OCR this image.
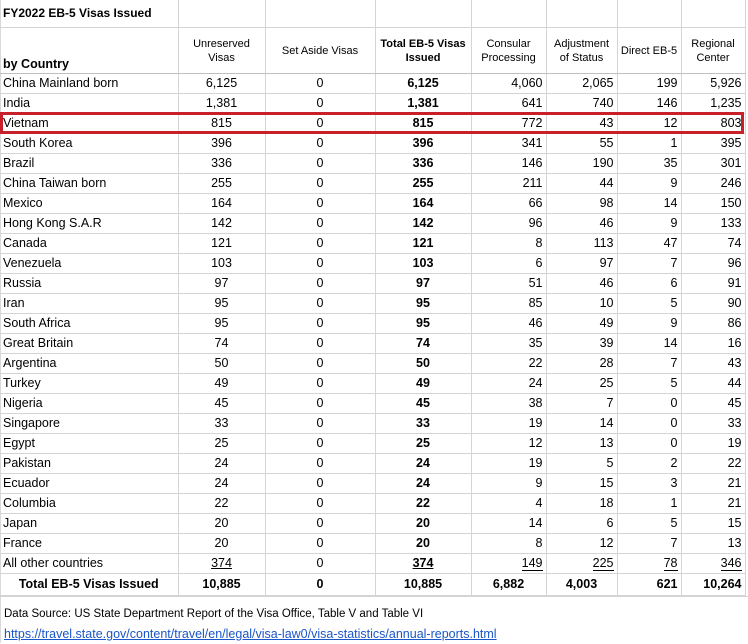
FY2022 EB-5 Visas Issued							
by Country	Unreserved Visas	Set Aside Visas	Total EB-5 Visas Issued	Consular Processing	Adjustment of Status	Direct EB-5	Regional Center
China Mainland born	6,125	0	6,125	4,060	2,065	199	5,926
India	1,381	0	1,381	641	740	146	1,235
Vietnam	815	0	815	772	43	12	803
South Korea	396	0	396	341	55	1	395
Brazil	336	0	336	146	190	35	301
China Taiwan born	255	0	255	211	44	9	246
Mexico	164	0	164	66	98	14	150
Hong Kong S.A.R	142	0	142	96	46	9	133
Canada	121	0	121	8	113	47	74
Venezuela	103	0	103	6	97	7	96
Russia	97	0	97	51	46	6	91
Iran	95	0	95	85	10	5	90
South Africa	95	0	95	46	49	9	86
Great Britain	74	0	74	35	39	14	16
Argentina	50	0	50	22	28	7	43
Turkey	49	0	49	24	25	5	44
Nigeria	45	0	45	38	7	0	45
Singapore	33	0	33	19	14	0	33
Egypt	25	0	25	12	13	0	19
Pakistan	24	0	24	19	5	2	22
Ecuador	24	0	24	9	15	3	21
Columbia	22	0	22	4	18	1	21
Japan	20	0	20	14	6	5	15
France	20	0	20	8	12	7	13
All other countries	374	0	374	149	225	78	346
Total EB-5 Visas Issued	10,885	0	10,885	6,882	4,003	621	10,264
Data Source: US State Department Report of the Visa Office, Table V and Table VI
https://travel.state.gov/content/travel/en/legal/visa-law0/visa-statistics/annual-reports.html
